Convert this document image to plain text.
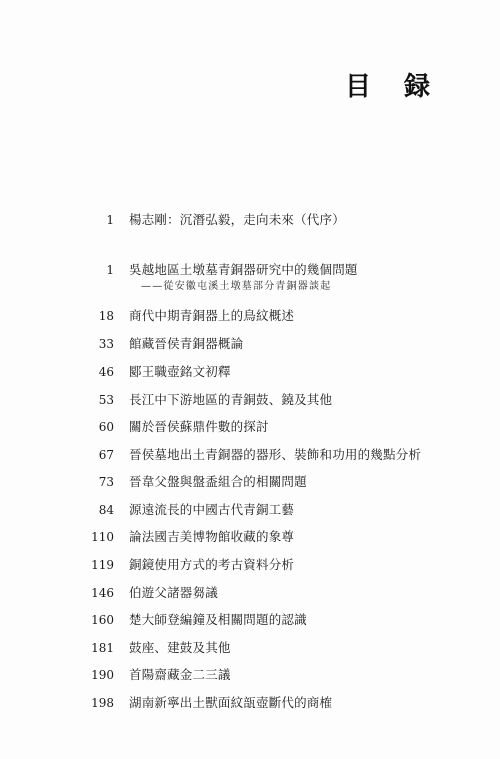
目 録
1 楊志剛：沉潛弘毅，走向未來（代序）
1 吳越地區土墩墓青銅器研究中的幾個問題
——從安徽屯溪土墩墓部分青銅器談起
18 商代中期青銅器上的鳥紋概述
33 館藏晉侯青銅器概論
46 郾王職壺銘文初釋
53 長江中下游地區的青銅鼓、鐃及其他
60 關於晉侯蘇鼎件數的探討
67 晉侯墓地出土青銅器的器形、裝飾和功用的幾點分析
73 晉韋父盤與盤盉組合的相關問題
84 源遠流長的中國古代青銅工藝
110 論法國吉美博物館收藏的象尊
119 銅鏡使用方式的考古資料分析
146 伯遊父諸器芻議
160 楚大師登編鐘及相關問題的認識
181 鼓座、建鼓及其他
190 首陽齋藏金二三議
198 湖南新寧出土獸面紋瓿壺斷代的商榷
